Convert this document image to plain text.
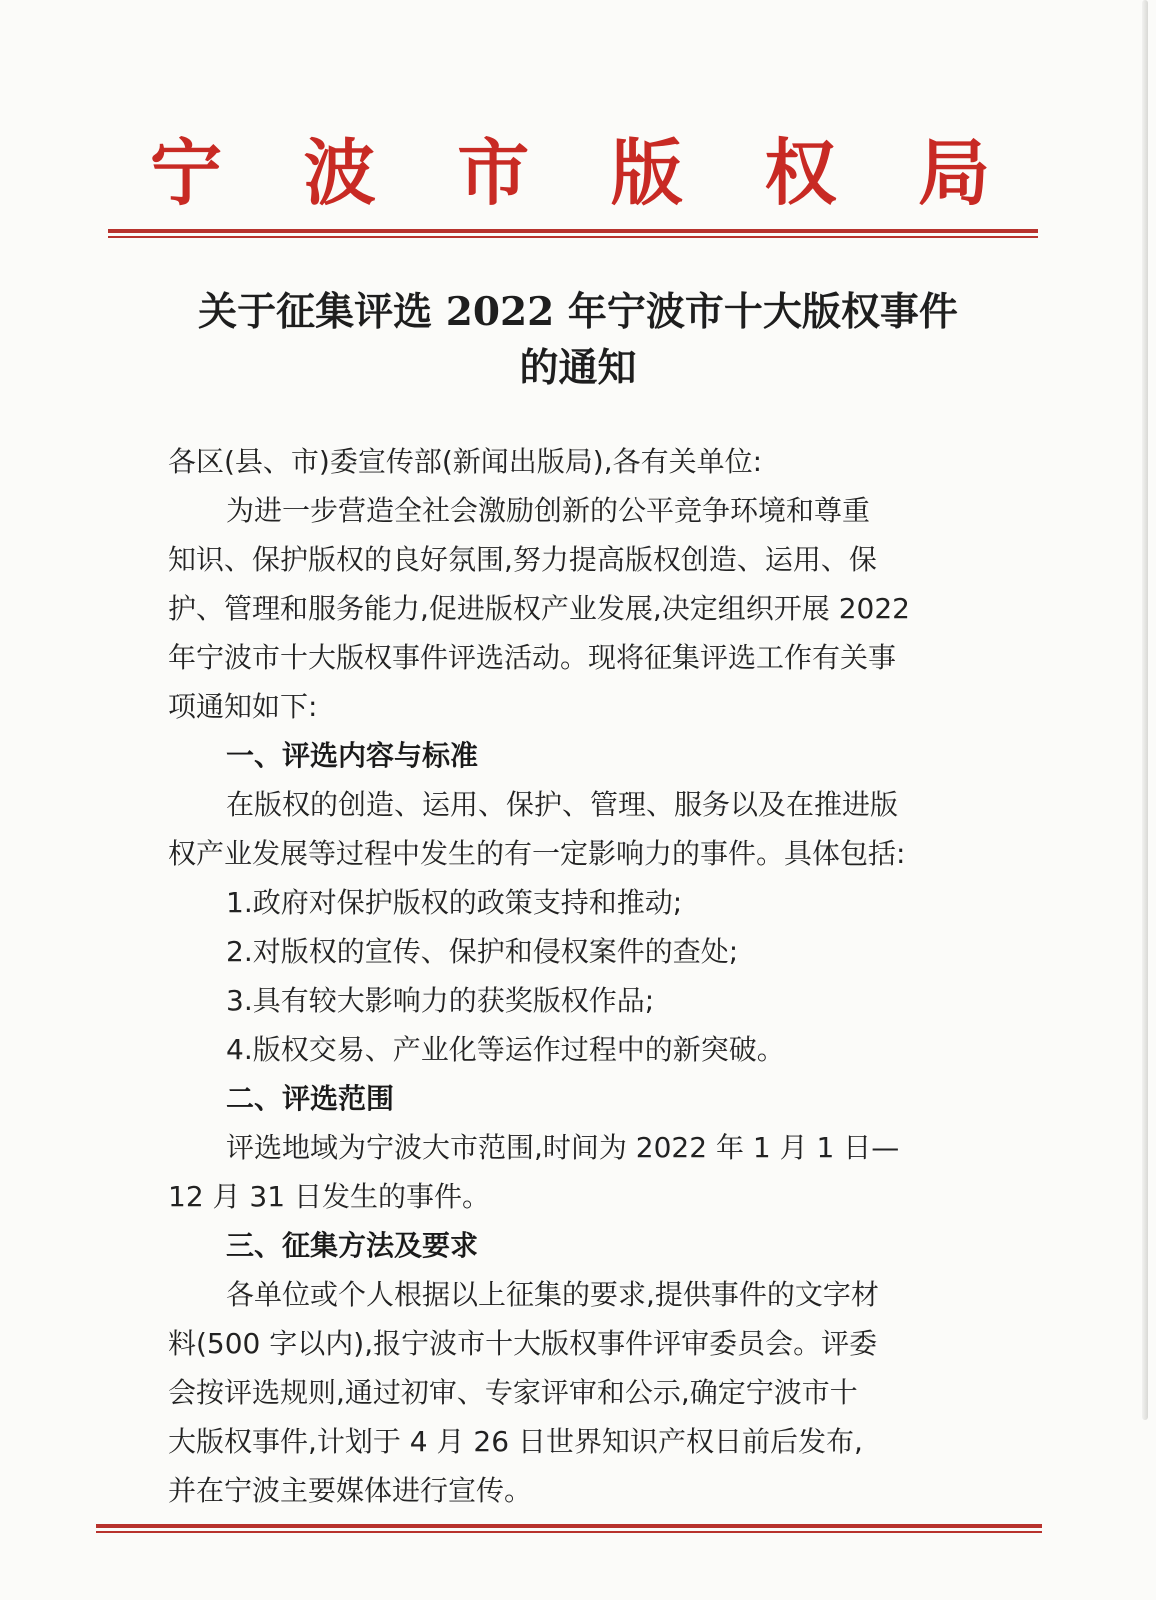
宁 波 市 版 权 局
关于征集评选 2022 年宁波市十大版权事件
的通知
各区(县、市)委宣传部(新闻出版局),各有关单位:
为进一步营造全社会激励创新的公平竞争环境和尊重
知识、保护版权的良好氛围,努力提高版权创造、运用、保
护、管理和服务能力,促进版权产业发展,决定组织开展 2022
年宁波市十大版权事件评选活动。现将征集评选工作有关事
项通知如下:
一、评选内容与标准
在版权的创造、运用、保护、管理、服务以及在推进版
权产业发展等过程中发生的有一定影响力的事件。具体包括:
1.政府对保护版权的政策支持和推动;
2.对版权的宣传、保护和侵权案件的查处;
3.具有较大影响力的获奖版权作品;
4.版权交易、产业化等运作过程中的新突破。
二、评选范围
评选地域为宁波大市范围,时间为 2022 年 1 月 1 日—
12 月 31 日发生的事件。
三、征集方法及要求
各单位或个人根据以上征集的要求,提供事件的文字材
料(500 字以内),报宁波市十大版权事件评审委员会。评委
会按评选规则,通过初审、专家评审和公示,确定宁波市十
大版权事件,计划于 4 月 26 日世界知识产权日前后发布,
并在宁波主要媒体进行宣传。
